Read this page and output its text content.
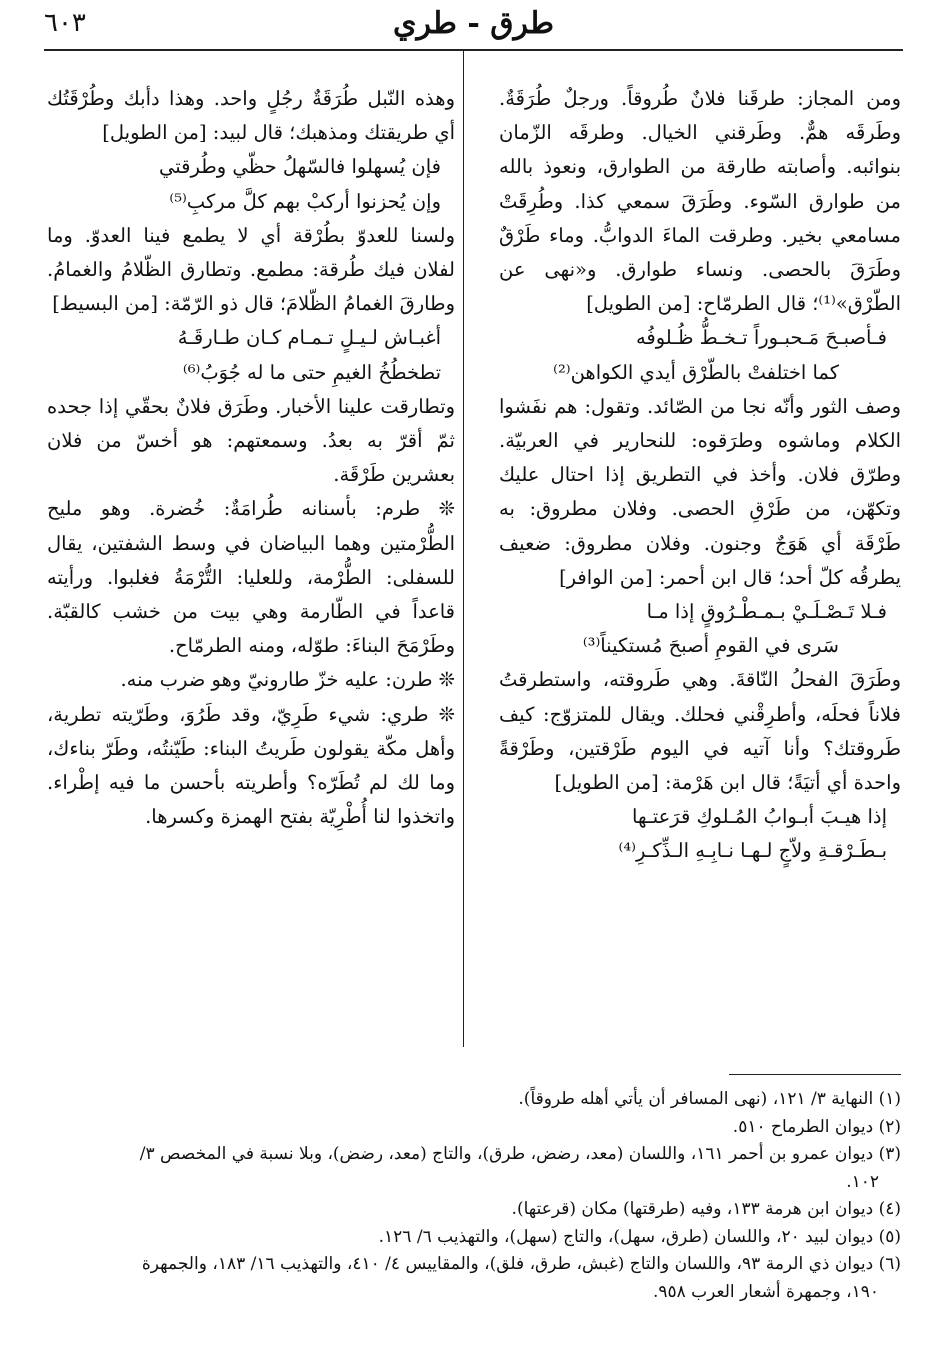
طرق - طري
٦٠٣

ومن المجاز: طرقَنا فلانٌ طُروقاً. ورجلٌ طُرَقَةٌ. وطَرقَه همٌّ. وطَرقني الخيال. وطرقَه الزّمان بنوائبه. وأصابته طارقة من الطوارق، ونعوذ بالله من طوارق السّوء. وطَرَقَ سمعي كذا. وطُرِقَتْ مسامعي بخير. وطرقت الماءَ الدوابُّ. وماء طَرْقٌ وطَرَقَ بالحصى. ونساء طوارق. و«نهى عن الطّرْق»⁽¹⁾؛ قال الطرمّاح: [من الطويل]

فـأصبـحَ مَـحبـوراً تـخـطُّ ظُـلوفُه

كما اختلفتْ بالطّرْق أيدي الكواهن⁽²⁾

وصف الثور وأنّه نجا من الصّائد. وتقول: هم نفَشوا الكلام وماشوه وطرَقوه: للنحارير في العربيّة. وطرّق فلان. وأخذ في التطريق إذا احتال عليك وتكهّن، من طَرْقِ الحصى. وفلان مطروق: به طَرْقَة أي هَوَجٌ وجنون. وفلان مطروق: ضعيف يطرقُه كلّ أحد؛ قال ابن أحمر: [من الوافر]

فـلا تَـصْـلَـيْ بـمـطْـرُوقٍ إذا مـا

سَرى في القومِ أصبحَ مُستكيناً⁽³⁾

وطَرَقَ الفحلُ النّاقةَ. وهي طَروقته، واستطرقتُ فلاناً فحلَه، وأطرِقْني فحلك. ويقال للمتزوّج: كيف طَروقتك؟ وأنا آتيه في اليوم طَرْقتين، وطَرْقةً واحدة أي أتيَةً؛ قال ابن هَرْمة: [من الطويل]

إذا هيـبَ أبـوابُ المُـلوكِ قرَعتـها

بـطَـرْقـةِ ولاّجٍ لـهـا نـابِـهِ الـذِّكـرِ⁽⁴⁾

وهذه النّبل طُرَقَةٌ رجُلٍ واحد. وهذا دأبك وطُرْقَتُك أي طريقتك ومذهبك؛ قال لبيد: [من الطويل]

فإن يُسهلوا فالسّهلُ حظّي وطُرقتي

وإن يُحزنوا أركبْ بهم كلَّ مركبِ⁽⁵⁾

ولسنا للعدوّ بطُرْقة أي لا يطمع فينا العدوّ. وما لفلان فيك طُرقة: مطمع. وتطارق الظّلامُ والغمامُ. وطارقَ الغمامُ الظّلامَ؛ قال ذو الرّمّة: [من البسيط]

أغبـاش لـيـلٍ تـمـام كـان طـارقَـهُ

تطخطُخُ الغيمِ حتى ما له جُوَبُ⁽⁶⁾

وتطارقت علينا الأخبار. وطَرَق فلانٌ بحقّي إذا جحده ثمّ أقرّ به بعدُ. وسمعتهم: هو أخسّ من فلان بعشرين طَرْقَة.

❊ طرم: بأسنانه طُرامَةٌ: خُضرة. وهو مليح الطُّرْمتين وهما البياضان في وسط الشفتين، يقال للسفلى: الطُّرْمة، وللعليا: التُّرْمَةُ فغلبوا. ورأيته قاعداً في الطّارمة وهي بيت من خشب كالقبّة. وطَرْمَحَ البناءَ: طوّله، ومنه الطرمّاح.

❊ طرن: عليه خزّ طارونيّ وهو ضرب منه.

❊ طري: شيء طَرِيّ، وقد طَرُوَ، وطَرّيته تطرية، وأهل مكّة يقولون طَريتُ البناء: طَيّنتُه، وطَرّ بناءك، وما لك لم تُطَرّه؟ وأطريته بأحسن ما فيه إطْراء. واتخذوا لنا أُطْرِيّة بفتح الهمزة وكسرها.

(١) النهاية ٣/ ١٢١، (نهى المسافر أن يأتي أهله طروقاً).

(٢) ديوان الطرماح ٥١٠.

(٣) ديوان عمرو بن أحمر ١٦١، واللسان (معد، رضض، طرق)، والتاج (معد، رضض)، وبلا نسبة في المخصص ٣/

١٠٢.

(٤) ديوان ابن هرمة ١٣٣، وفيه (طرقتها) مكان (قرعتها).

(٥) ديوان لبيد ٢٠، واللسان (طرق، سهل)، والتاج (سهل)، والتهذيب ٦/ ١٢٦.

(٦) ديوان ذي الرمة ٩٣، واللسان والتاج (غبش، طرق، فلق)، والمقاييس ٤/ ٤١٠، والتهذيب ١٦/ ١٨٣، والجمهرة

١٩٠، وجمهرة أشعار العرب ٩٥٨.
